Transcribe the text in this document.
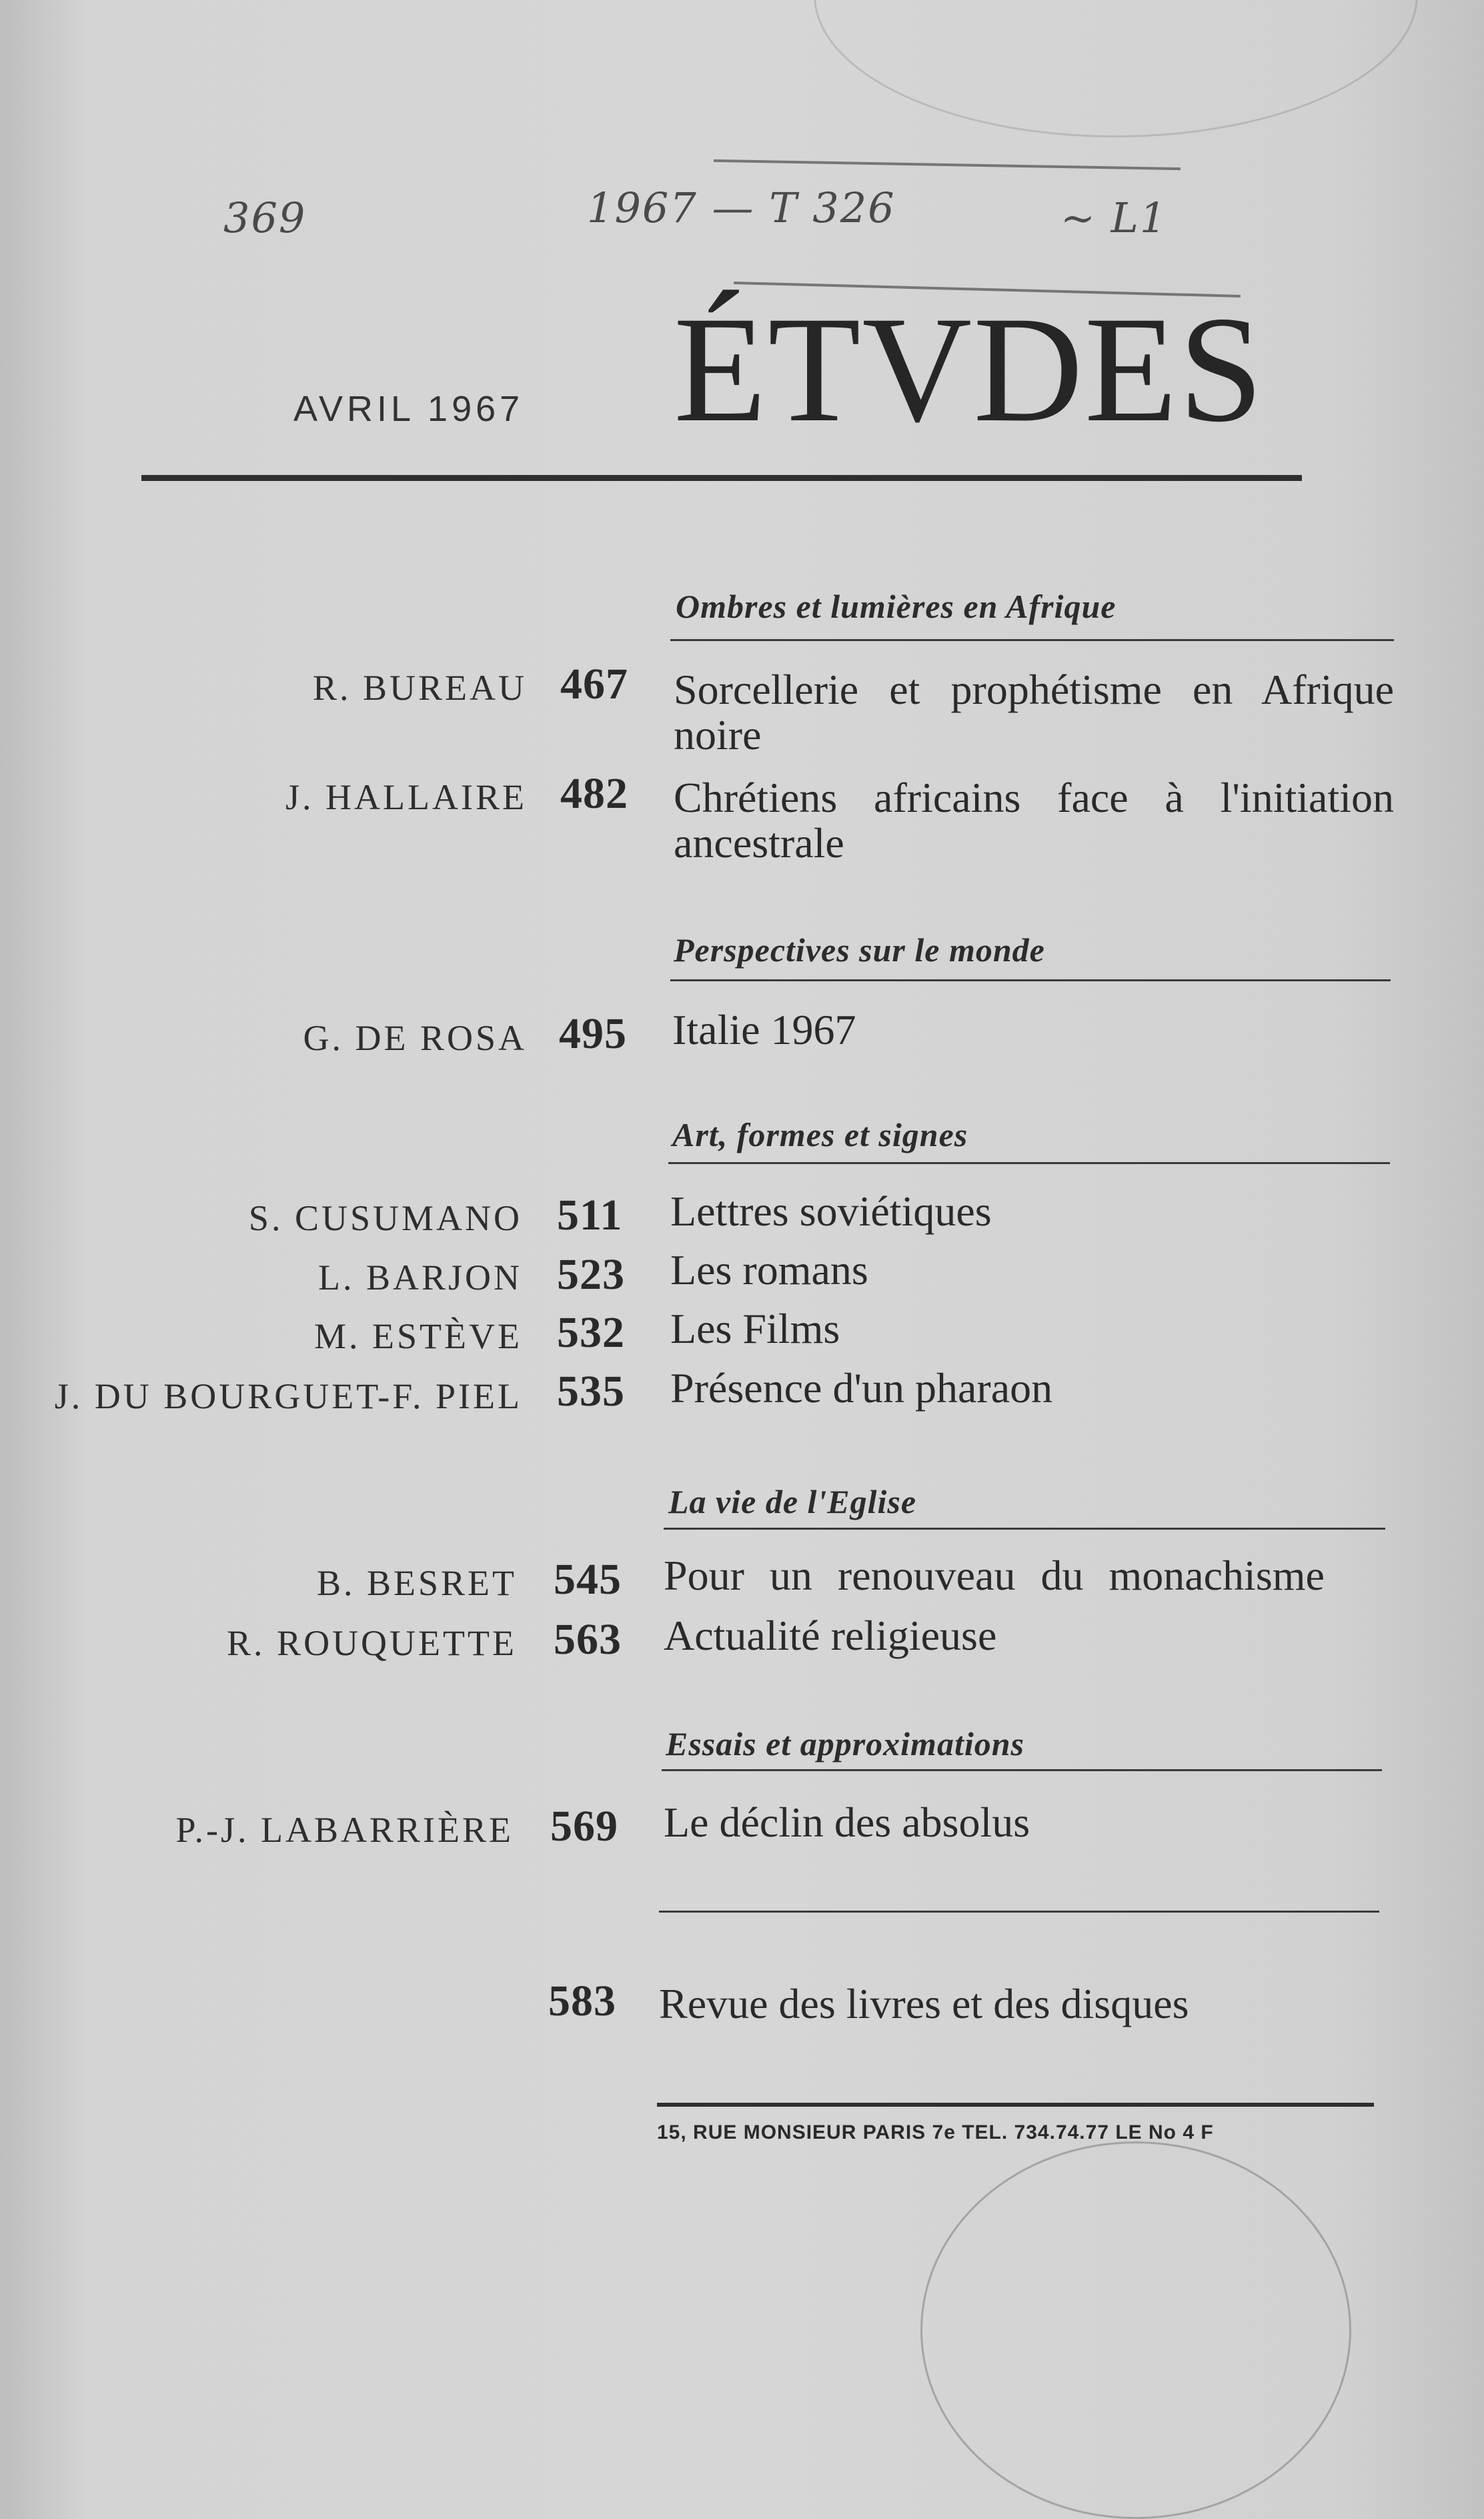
369	1967 — T 326	~ L1
AVRIL 1967 ÉTVDES
Ombres et lumières en Afrique
R. BUREAU 467 Sorcellerie et prophétisme en Afrique noire
J. HALLAIRE 482 Chrétiens africains face à l'initiation ancestrale
Perspectives sur le monde
G. DE ROSA 495 Italie 1967
Art, formes et signes
S. CUSUMANO 511 Lettres soviétiques
L. BARJON 523 Les romans
M. ESTÈVE 532 Les Films
J. DU BOURGUET-F. PIEL 535 Présence d'un pharaon
La vie de l'Eglise
B. BESRET 545 Pour un renouveau du monachisme
R. ROUQUETTE 563 Actualité religieuse
Essais et approximations
P.-J. LABARRIÈRE 569 Le déclin des absolus
583 Revue des livres et des disques
15, RUE MONSIEUR PARIS 7e TEL. 734.74.77 LE No 4 F
